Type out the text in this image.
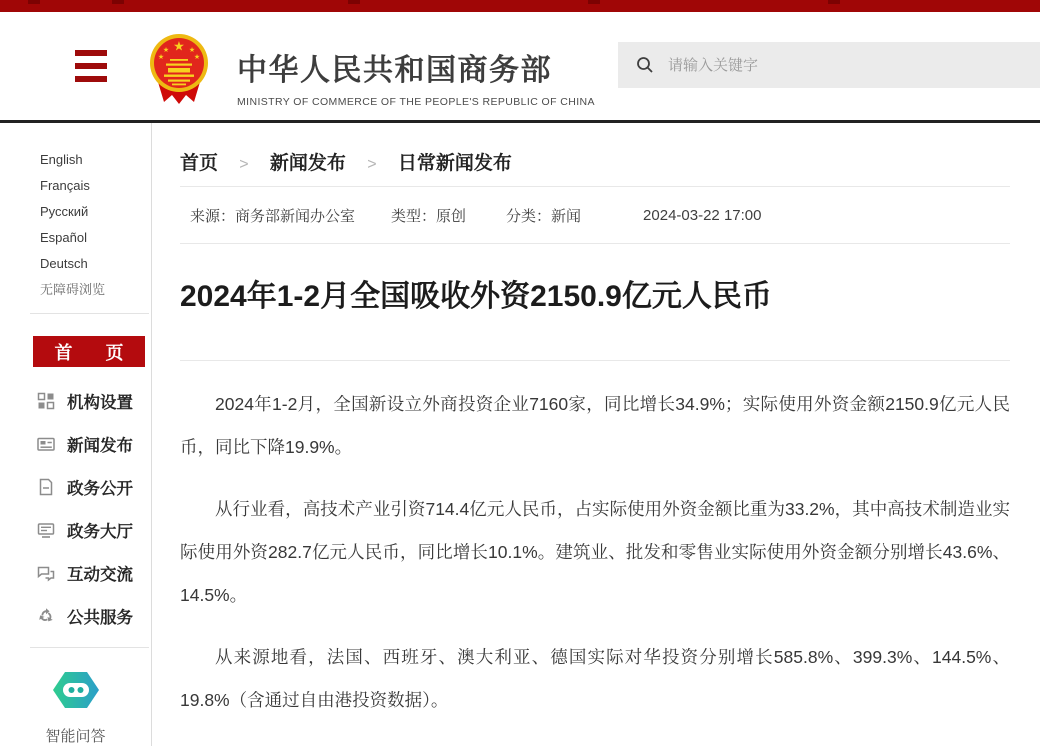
★
★
★
★
★ 中华人民共和国商务部
MINISTRY OF COMMERCE OF THE PEOPLE'S REPUBLIC OF CHINA
请输入关键字
English Français
Русский Español
Deutsch
无障碍浏览
首 页
机构设置
新闻发布
政务公开
政务大厅
互动交流
公共服务
智能问答
首页 > 新闻发布 > 日常新闻发布
来源：商务部新闻办公室 类型：原创	分类：新闻	2024-03-22 17:00
2024年1-2月全国吸收外资2150.9亿元人民币

2024年1-2月，全国新设立外商投资企业7160家，同比增长34.9%；实际使用外资金额2150.9亿元人民币，同比下降19.9%。

从行业看，高技术产业引资714.4亿元人民币，占实际使用外资金额比重为33.2%，其中高技术制造业实际使用外资282.7亿元人民币，同比增长10.1%。建筑业、批发和零售业实际使用外资金额分别增长43.6%、14.5%。

从来源地看，法国、西班牙、澳大利亚、德国实际对华投资分别增长585.8%、399.3%、144.5%、19.8%（含通过自由港投资数据）。
